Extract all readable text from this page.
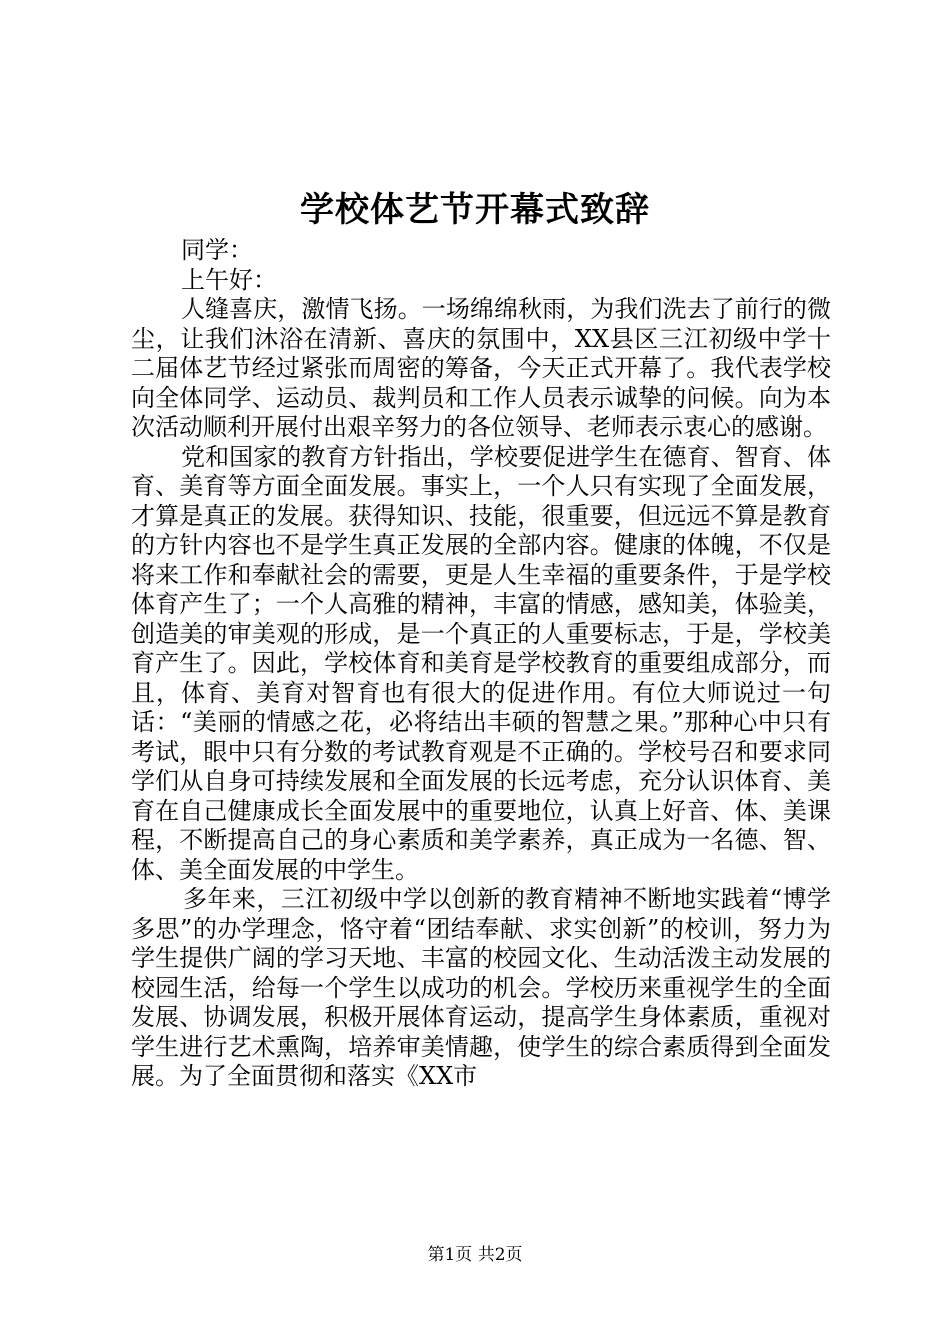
学校体艺节开幕式致辞

同学：

上午好：

人缝喜庆，激情飞扬。一场绵绵秋雨，为我们洗去了前行的微尘，让我们沐浴在清新、喜庆的氛围中，XX县区三江初级中学十二届体艺节经过紧张而周密的筹备，今天正式开幕了。我代表学校向全体同学、运动员、裁判员和工作人员表示诚挚的问候。向为本次活动顺利开展付出艰辛努力的各位领导、老师表示衷心的感谢。

党和国家的教育方针指出，学校要促进学生在德育、智育、体育、美育等方面全面发展。事实上，一个人只有实现了全面发展，才算是真正的发展。获得知识、技能，很重要，但远远不算是教育的方针内容也不是学生真正发展的全部内容。健康的体魄，不仅是将来工作和奉献社会的需要，更是人生幸福的重要条件，于是学校体育产生了；一个人高雅的精神，丰富的情感，感知美，体验美，创造美的审美观的形成，是一个真正的人重要标志，于是，学校美育产生了。因此，学校体育和美育是学校教育的重要组成部分，而且，体育、美育对智育也有很大的促进作用。有位大师说过一句话：“美丽的情感之花，必将结出丰硕的智慧之果。”那种心中只有考试，眼中只有分数的考试教育观是不正确的。学校号召和要求同学们从自身可持续发展和全面发展的长远考虑，充分认识体育、美育在自己健康成长全面发展中的重要地位，认真上好音、体、美课程，不断提高自己的身心素质和美学素养，真正成为一名德、智、体、美全面发展的中学生。

多年来，三江初级中学以创新的教育精神不断地实践着“博学多思”的办学理念，恪守着“团结奉献、求实创新”的校训，努力为学生提供广阔的学习天地、丰富的校园文化、生动活泼主动发展的校园生活，给每一个学生以成功的机会。学校历来重视学生的全面发展、协调发展，积极开展体育运动，提高学生身体素质，重视对学生进行艺术熏陶，培养审美情趣，使学生的综合素质得到全面发展。为了全面贯彻和落实《XX市

第1页 共2页
